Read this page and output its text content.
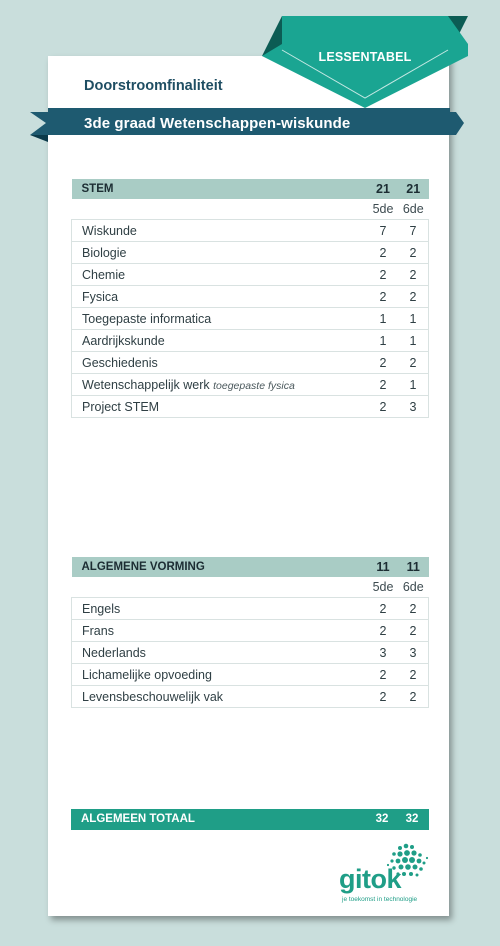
LESSENTABEL
Doorstroomfinaliteit
3de graad Wetenschappen-wiskunde
STEM	21	21
	5de	6de
Wiskunde	7	7
Biologie	2	2
Chemie	2	2
Fysica	2	2
Toegepaste informatica	1	1
Aardrijkskunde	1	1
Geschiedenis	2	2
Wetenschappelijk werk toegepaste fysica	2	1
Project STEM	2	3
ALGEMENE VORMING	11	11
	5de	6de
Engels	2	2
Frans	2	2
Nederlands	3	3
Lichamelijke opvoeding	2	2
Levensbeschouwelijk vak	2	2
ALGEMEEN TOTAAL	32	32
gitok
je toekomst in technologie
